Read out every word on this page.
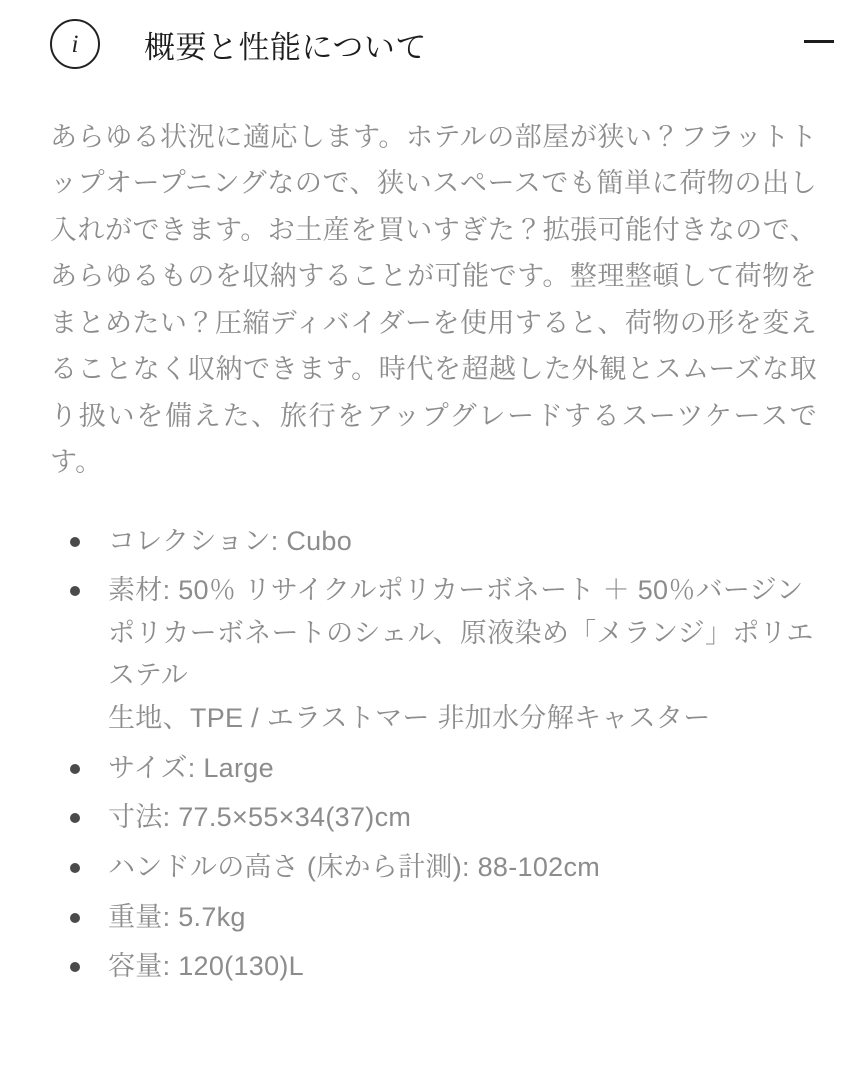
i 概要と性能について

あらゆる状況に適応します。ホテルの部屋が狭い？フラットトップオープニングなので、狭いスペースでも簡単に荷物の出し入れができます。お土産を買いすぎた？拡張可能付きなので、あらゆるものを収納することが可能です。整理整頓して荷物をまとめたい？圧縮ディバイダーを使用すると、荷物の形を変えることなく収納できます。時代を超越した外観とスムーズな取り扱いを備えた、旅行をアップグレードするスーツケースです。

コレクション: Cubo
素材: 50％ リサイクルポリカーボネート ＋ 50％バージンポリカーボネートのシェル、原液染め「メランジ」ポリエステル
生地、TPE / エラストマー 非加水分解キャスター
サイズ: Large
寸法: 77.5×55×34(37)cm
ハンドルの高さ (床から計測): 88-102cm
重量: 5.7kg
容量: 120(130)L
